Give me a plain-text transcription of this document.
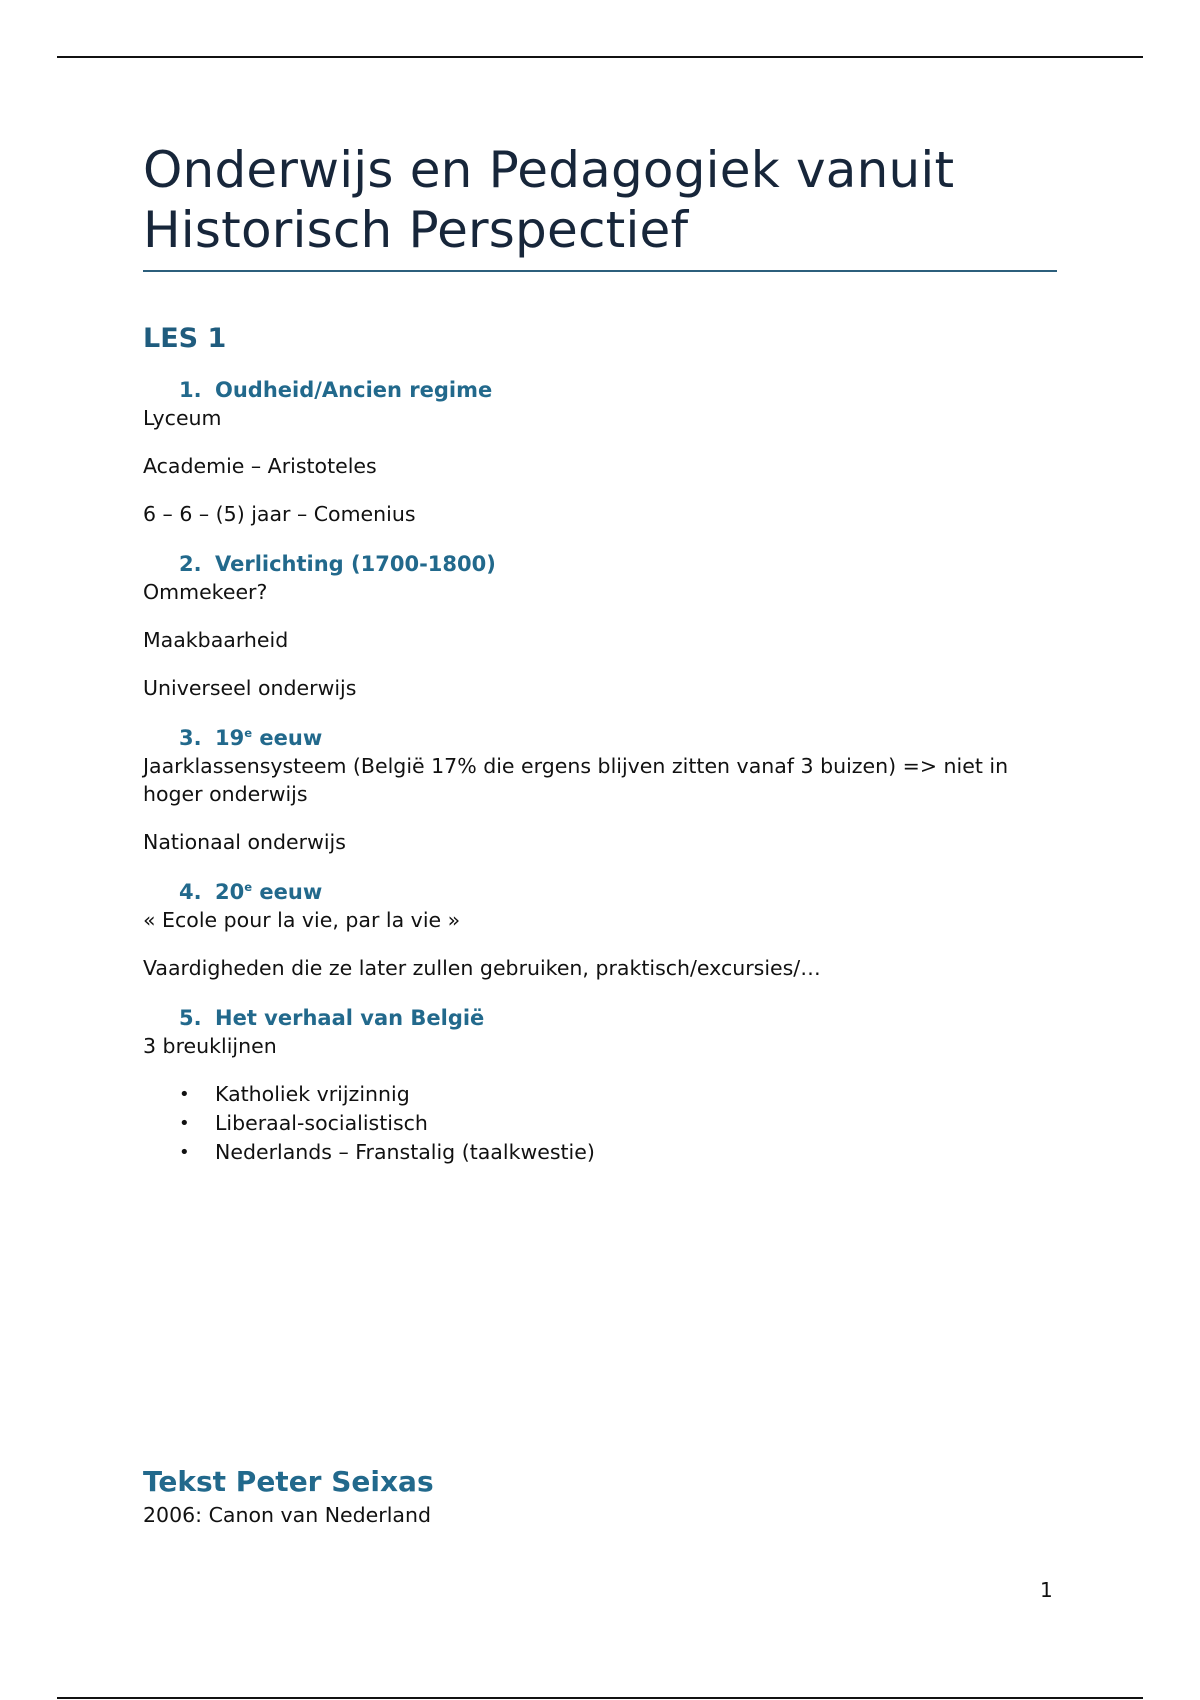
Onderwijs en Pedagogiek vanuit Historisch Perspectief
LES 1
1. Oudheid/Ancien regime

Lyceum

Academie – Aristoteles

6 – 6 – (5) jaar – Comenius

2. Verlichting (1700-1800)

Ommekeer?

Maakbaarheid

Universeel onderwijs

3. 19e eeuw

Jaarklassensysteem (België 17% die ergens blijven zitten vanaf 3 buizen) => niet in hoger onderwijs

Nationaal onderwijs

4. 20e eeuw

« Ecole pour la vie, par la vie »

Vaardigheden die ze later zullen gebruiken, praktisch/excursies/…

5. Het verhaal van België

3 breuklijnen

•	Katholiek vrijzinnig
•	Liberaal-socialistisch
•	Nederlands – Franstalig (taalkwestie)
Tekst Peter Seixas

2006: Canon van Nederland

1
